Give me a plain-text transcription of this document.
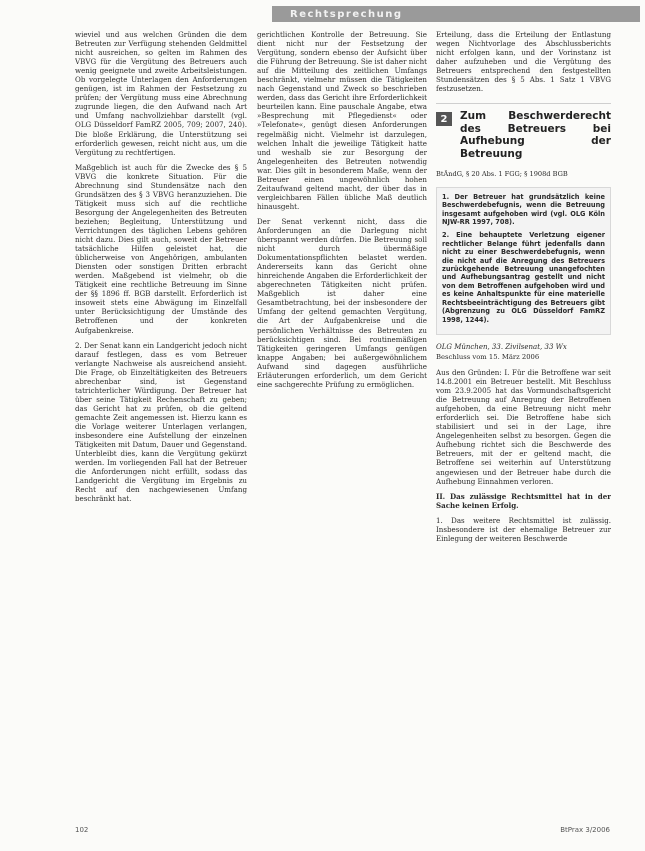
Rechtsprechung

wieviel und aus welchen Gründen die dem Betreuten zur Verfügung stehenden Geldmittel nicht ausreichen, so gelten im Rahmen des VBVG für die Vergütung des Betreuers auch wenig geeignete und zweite Arbeitsleistungen. Ob vorgelegte Unterlagen den Anforderungen genügen, ist im Rahmen der Festsetzung zu prüfen; der Vergütung muss eine Abrechnung zugrunde liegen, die den Aufwand nach Art und Umfang nachvollziehbar darstellt (vgl. OLG Düsseldorf FamRZ 2005, 709; 2007, 240). Die bloße Erklärung, die Unterstützung sei erforderlich gewesen, reicht nicht aus, um die Vergütung zu rechtfertigen.

Maßgeblich ist auch für die Zwecke des § 5 VBVG die konkrete Situation. Für die Abrechnung sind Stundensätze nach den Grundsätzen des § 3 VBVG heranzuziehen. Die Tätigkeit muss sich auf die rechtliche Besorgung der Angelegenheiten des Betreuten beziehen; Begleitung, Unterstützung und Verrichtungen des täglichen Lebens gehören nicht dazu. Dies gilt auch, soweit der Betreuer tatsächliche Hilfen geleistet hat, die üblicherweise von Angehörigen, ambulanten Diensten oder sonstigen Dritten erbracht werden. Maßgebend ist vielmehr, ob die Tätigkeit eine rechtliche Betreuung im Sinne der §§ 1896 ff. BGB darstellt. Erforderlich ist insoweit stets eine Abwägung im Einzelfall unter Berücksichtigung der Umstände des Betroffenen und der konkreten Aufgabenkreise.

2. Der Senat kann ein Landgericht jedoch nicht darauf festlegen, dass es vom Betreuer verlangte Nachweise als ausreichend ansieht. Die Frage, ob Einzeltätigkeiten des Betreuers abrechenbar sind, ist Gegenstand tatrichterlicher Würdigung. Der Betreuer hat über seine Tätigkeit Rechenschaft zu geben; das Gericht hat zu prüfen, ob die geltend gemachte Zeit angemessen ist. Hierzu kann es die Vorlage weiterer Unterlagen verlangen, insbesondere eine Aufstellung der einzelnen Tätigkeiten mit Datum, Dauer und Gegenstand. Unterbleibt dies, kann die Vergütung gekürzt werden. Im vorliegenden Fall hat der Betreuer die Anforderungen nicht erfüllt, sodass das Landgericht die Vergütung im Ergebnis zu Recht auf den nachgewiesenen Umfang beschränkt hat.

gerichtlichen Kontrolle der Betreuung. Sie dient nicht nur der Festsetzung der Vergütung, sondern ebenso der Aufsicht über die Führung der Betreuung. Sie ist daher nicht auf die Mitteilung des zeitlichen Umfangs beschränkt, vielmehr müssen die Tätigkeiten nach Gegenstand und Zweck so beschrieben werden, dass das Gericht ihre Erforderlichkeit beurteilen kann. Eine pauschale Angabe, etwa »Besprechung mit Pflegedienst« oder »Telefonate«, genügt diesen Anforderungen regelmäßig nicht. Vielmehr ist darzulegen, welchen Inhalt die jeweilige Tätigkeit hatte und weshalb sie zur Besorgung der Angelegenheiten des Betreuten notwendig war. Dies gilt in besonderem Maße, wenn der Betreuer einen ungewöhnlich hohen Zeitaufwand geltend macht, der über das in vergleichbaren Fällen übliche Maß deutlich hinausgeht.

Der Senat verkennt nicht, dass die Anforderungen an die Darlegung nicht überspannt werden dürfen. Die Betreuung soll nicht durch übermäßige Dokumentationspflichten belastet werden. Andererseits kann das Gericht ohne hinreichende Angaben die Erforderlichkeit der abgerechneten Tätigkeiten nicht prüfen. Maßgeblich ist daher eine Gesamtbetrachtung, bei der insbesondere der Umfang der geltend gemachten Vergütung, die Art der Aufgabenkreise und die persönlichen Verhältnisse des Betreuten zu berücksichtigen sind. Bei routinemäßigen Tätigkeiten geringeren Umfangs genügen knappe Angaben; bei außergewöhnlichem Aufwand sind dagegen ausführliche Erläuterungen erforderlich, um dem Gericht eine sachgerechte Prüfung zu ermöglichen.

Erteilung, dass die Erteilung der Entlastung wegen Nichtvorlage des Abschlussberichts nicht erfolgen kann, und der Vorinstanz ist daher aufzuheben und die Vergütung des Betreuers entsprechend den festgestellten Stundensätzen des § 5 Abs. 1 Satz 1 VBVG festzusetzen.

2	Zum Beschwerderecht des Betreuers bei Aufhebung der Betreuung
BtÄndG, § 20 Abs. 1 FGG; § 1908d BGB

1. Der Betreuer hat grundsätzlich keine Beschwerdebefugnis, wenn die Betreuung insgesamt aufgehoben wird (vgl. OLG Köln NJW-RR 1997, 708).

2. Eine behauptete Verletzung eigener rechtlicher Belange führt jedenfalls dann nicht zu einer Beschwerdebefugnis, wenn die nicht auf die Anregung des Betreuers zurückgehende Betreuung unangefochten und Aufhebungsantrag gestellt und nicht von dem Betroffenen aufgehoben wird und es keine Anhaltspunkte für eine materielle Rechtsbeeinträchtigung des Betreuers gibt (Abgrenzung zu OLG Düsseldorf FamRZ 1998, 1244).

OLG München, 33. Zivilsenat, 33 Wx
Beschluss vom 15. März 2006

Aus den Gründen: I. Für die Betroffene war seit 14.8.2001 ein Betreuer bestellt. Mit Beschluss vom 23.9.2005 hat das Vormundschaftsgericht die Betreuung auf Anregung der Betroffenen aufgehoben, da eine Betreuung nicht mehr erforderlich sei. Die Betroffene habe sich stabilisiert und sei in der Lage, ihre Angelegenheiten selbst zu besorgen. Gegen die Aufhebung richtet sich die Beschwerde des Betreuers, mit der er geltend macht, die Betroffene sei weiterhin auf Unterstützung angewiesen und der Betreuer habe durch die Aufhebung Einnahmen verloren.

II. Das zulässige Rechtsmittel hat in der Sache keinen Erfolg.

1. Das weitere Rechtsmittel ist zulässig. Insbesondere ist der ehemalige Betreuer zur Einlegung der weiteren Beschwerde

102	BtPrax 3/2006
